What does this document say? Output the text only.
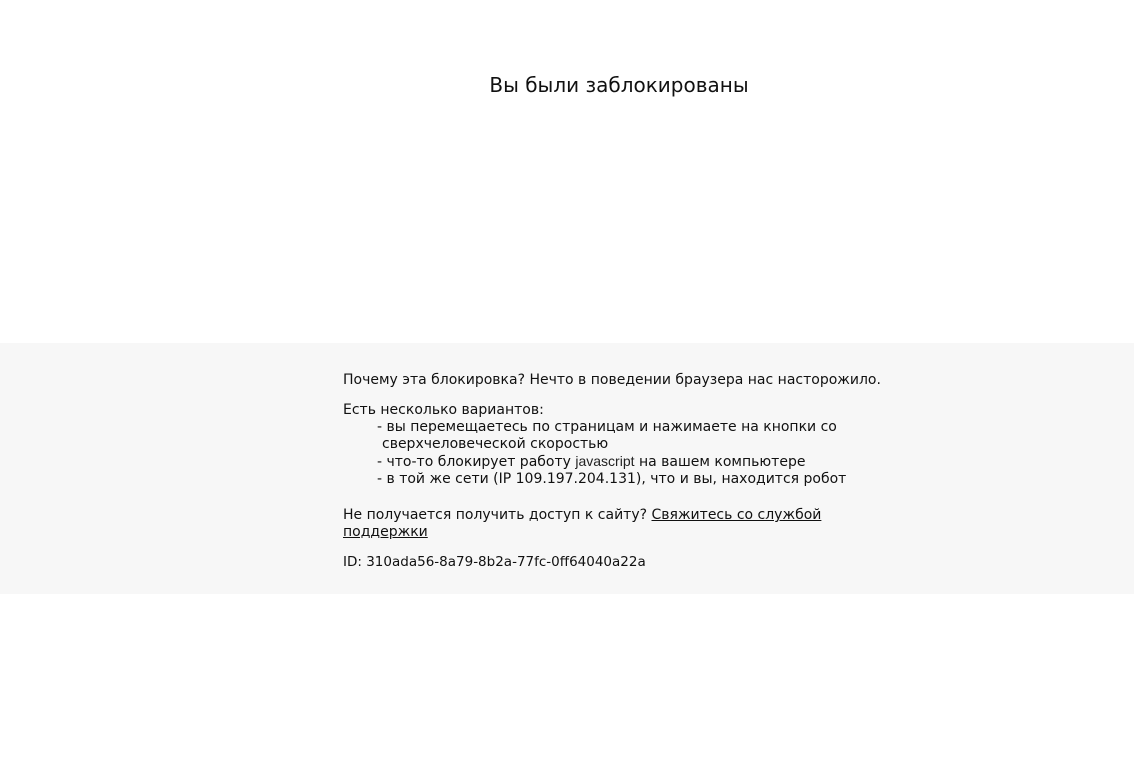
Вы были заблокированы

Почему эта блокировка? Нечто в поведении браузера нас насторожило.

Есть несколько вариантов:

- вы перемещаетесь по страницам и нажимаете на кнопки со
сверхчеловеческой скоростью
- что-то блокирует работу javascript на вашем компьютере
- в той же сети (IP 109.197.204.131), что и вы, находится робот

Не получается получить доступ к сайту? Свяжитесь со службой поддержки

ID: 310ada56-8a79-8b2a-77fc-0ff64040a22a
